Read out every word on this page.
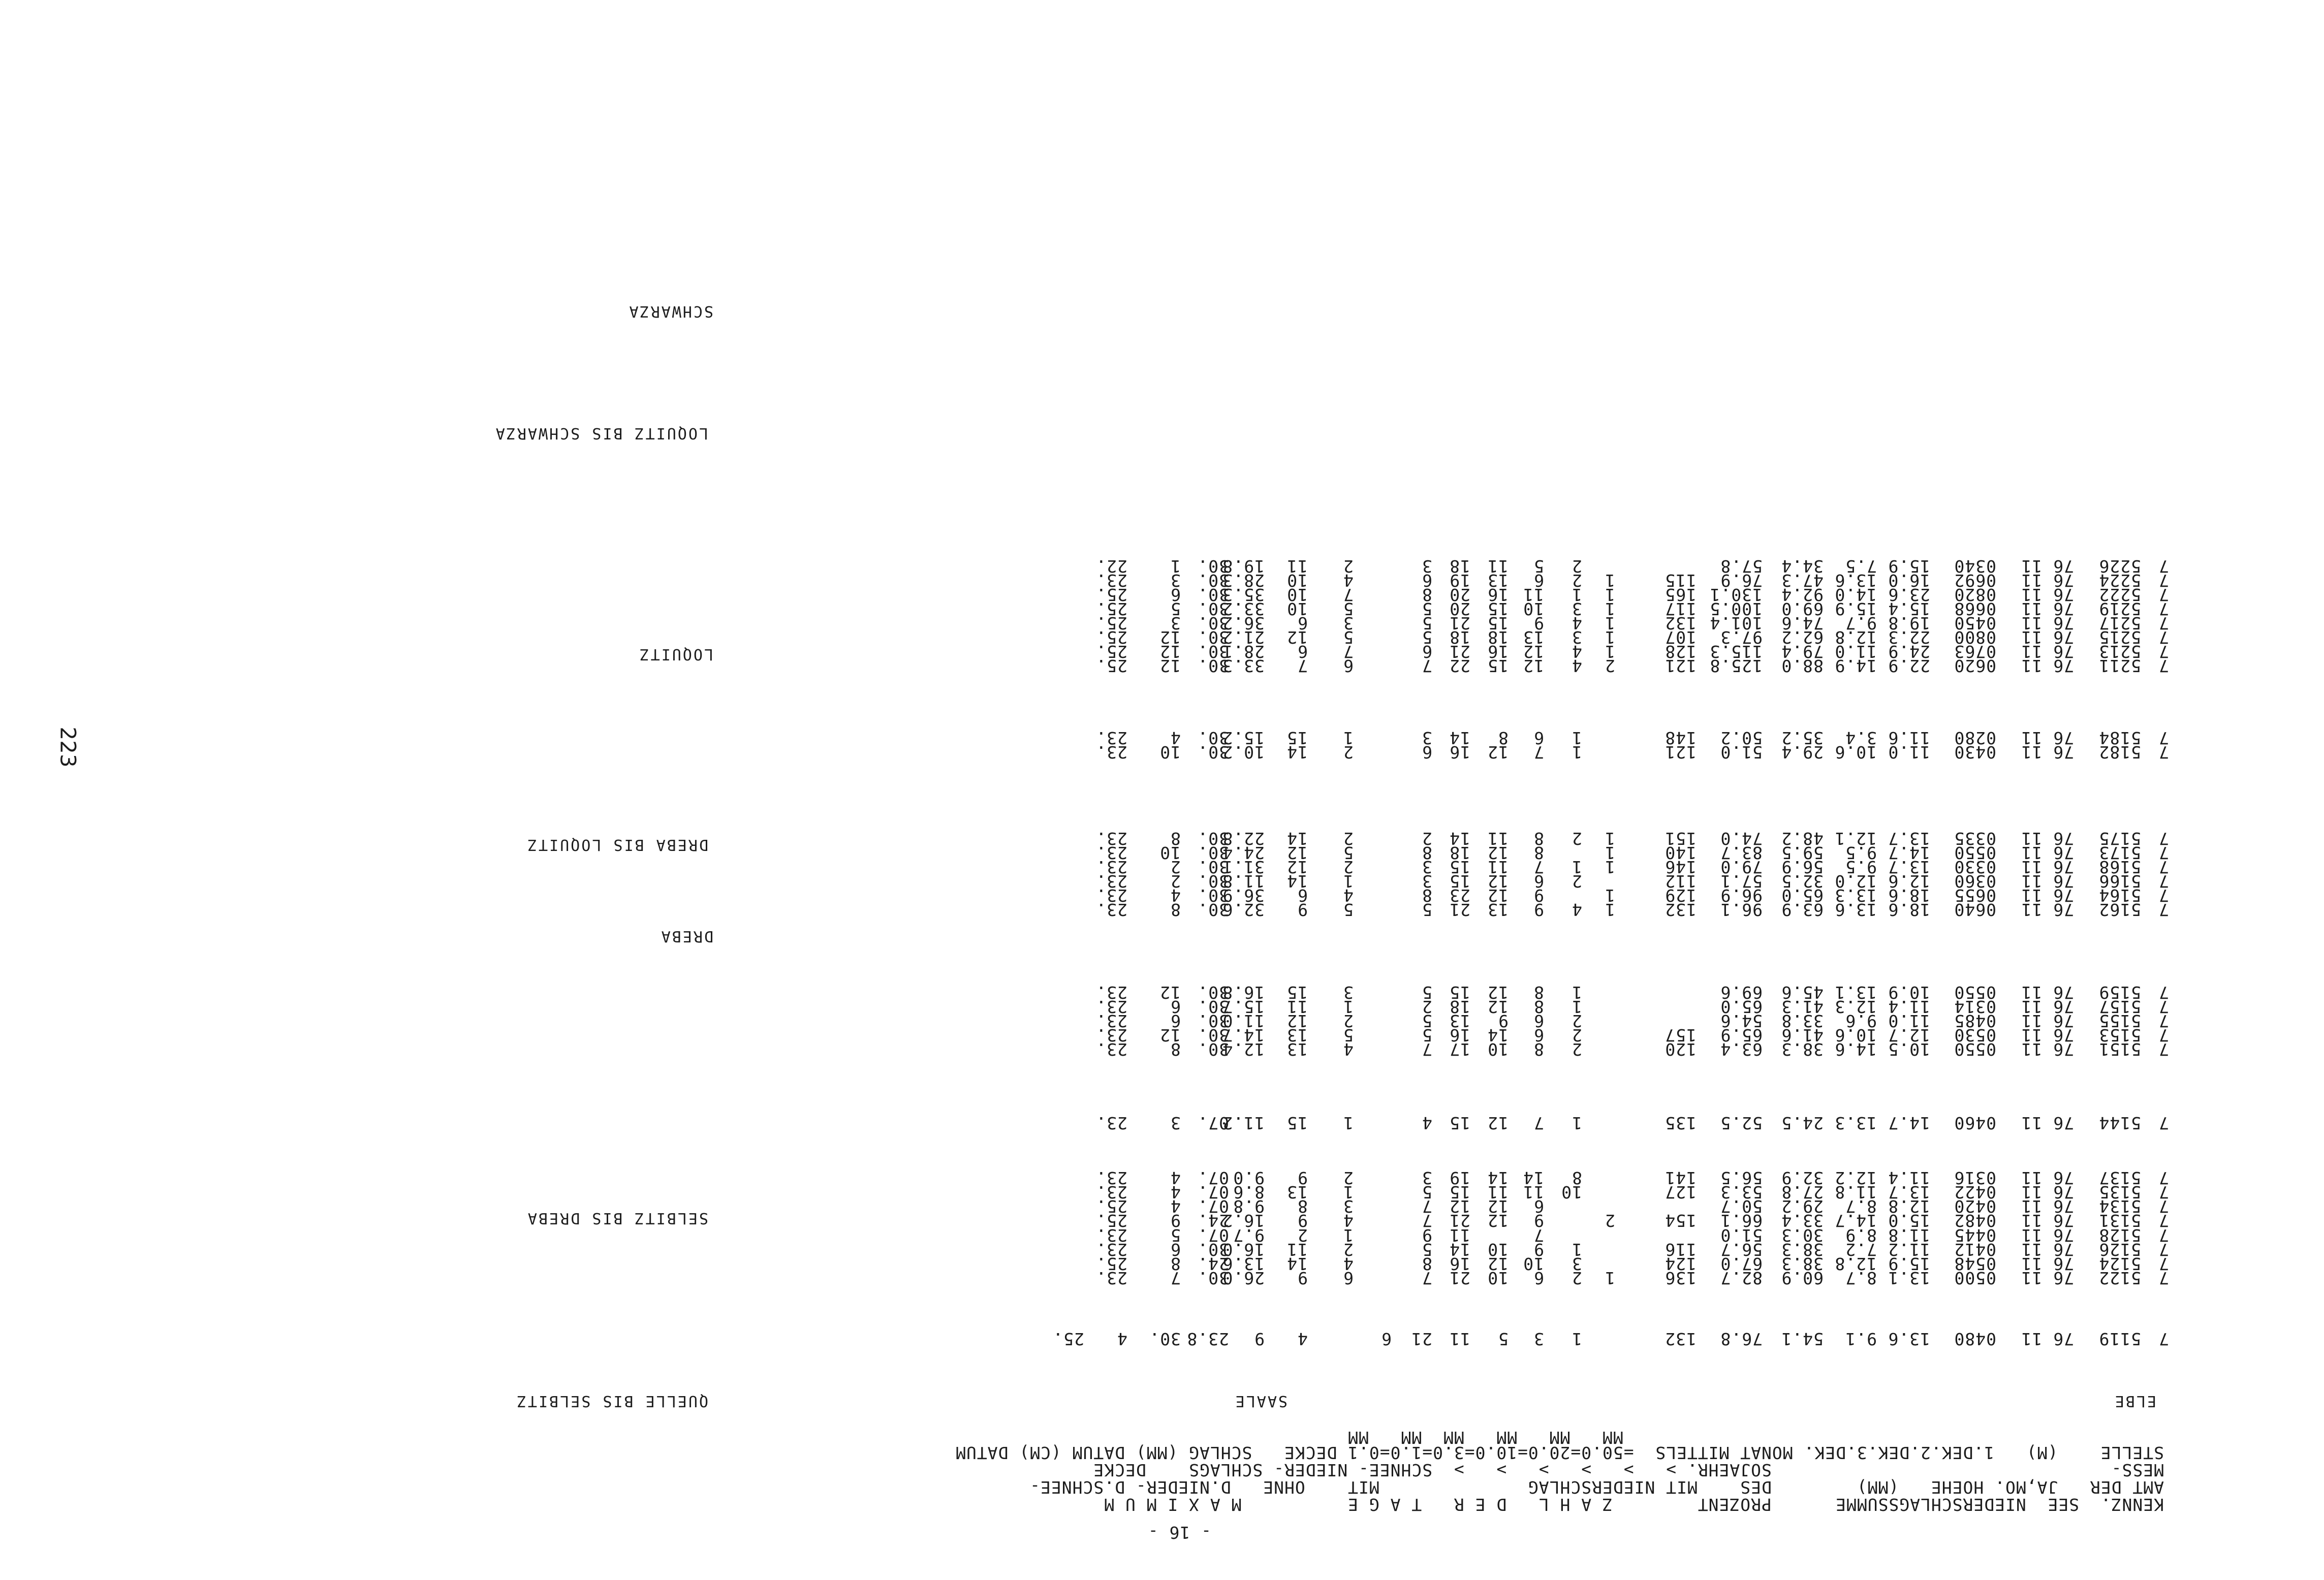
- 16 -
KENNZ.  SEE  NIEDERSCHLAGSSUMME      PROZENT        Z A H L   D E R   T A G E          M A X I M U M
AMT DER   JA,MO. HOEHE   (MM)        DES    MIT NIEDERSCHLAG              MIT    OHNE   D.NIEDER- D.SCHNEE-
MESS-                                SOJAEHR. >   >   >   >   >   >  SCHNEE- NIEDER- SCHLAGS    DECKE
STELLE    (M)   1.DEK.2.DEK.3.DEK. MONAT MITTELS  =50.0=20.0=10.0=3.0=1.0=0.1 DECKE   SCHLAG (MM) DATUM (CM) DATUM
MM   MM   MM   MM  MM   MM
ELBE
SAALE
QUELLE BIS SELBITZ
SELBITZ BIS DREBA
DREBA
DREBA BIS LOQUITZ
LOQUITZ
LOQUITZ BIS SCHWARZA
SCHWARZA
7
5119
76 11
0480
13.6
9.1
54.1
76.8
132
1
3
5
11
21
6
4
9
23.8
30.
4
25.
7
5122
76 11
0500
13.1
8.7
60.9
82.7
136
1
2
6
10
21
7
6
9
26.0
30.
7
23.
7
5124
76 11
0548
15.9
12.8
38.3
67.0
124
3
10
12
16
8
4
14
13.6
24.
8
25.
7
5126
76 11
0412
11.2
7.2
38.3
56.7
116
1
9
10
14
5
2
11
16.0
30.
6
23.
7
5128
76 11
0445
11.8
8.9
30.3
51.0
7
11
9
1
2
9.7
07.
5
23.
7
5131
76 11
0482
15.0
14.7
33.4
66.1
154
2
9
12
21
7
4
9
16.2
24.
9
25.
7
5134
76 11
0420
12.8
8.7
29.2
50.7
6
12
12
7
3
8
9.8
07.
4
25.
7
5135
76 11
0422
13.7
11.8
27.8
53.3
127
10
11
11
15
5
1
13
8.6
07.
4
23.
7
5137
76 11
0316
11.4
12.2
32.9
56.5
141
8
14
14
19
3
2
9
9.0
07.
4
23.
7
5144
76 11
0460
14.7
13.3
24.5
52.5
135
1
7
12
15
4
1
15
11.2
07.
3
23.
7
5151
76 11
0550
10.5
14.6
38.3
63.4
120
2
8
10
17
7
4
13
12.4
30.
8
23.
7
5153
76 11
0530
12.7
10.6
41.6
65.9
157
2
6
14
16
5
5
13
14.7
30.
12
23.
7
5155
76 11
0485
11.0
9.6
33.8
54.6
2
6
9
13
5
2
12
11.0
30.
6
23.
7
5157
76 11
0314
11.4
12.3
41.3
65.0
1
8
12
18
2
1
11
15.7
30.
6
23.
7
5159
76 11
0550
10.9
13.1
45.6
69.6
1
8
12
15
5
3
15
16.8
30.
12
23.
7
5162
76 11
0640
18.6
13.6
63.9
96.1
132
1
4
9
13
21
5
5
9
32.6
30.
8
23.
7
5164
76 11
0655
18.6
13.3
65.0
96.9
129
1
9
12
23
8
4
6
36.9
30.
4
23.
7
5166
76 11
0360
12.6
12.0
32.5
57.1
112
2
6
12
15
3
1
14
11.8
30.
2
23.
7
5168
76 11
0330
13.7
9.5
56.9
79.0
146
1
1
7
11
15
3
2
12
31.1
30.
2
23.
7
5173
76 11
0550
14.7
9.5
59.5
83.7
140
1
8
12
18
8
5
12
24.4
30.
10
23.
7
5175
76 11
0335
13.7
12.1
48.2
74.0
151
1
2
8
11
14
2
2
14
22.8
30.
8
23.
7
5182
76 11
0430
11.0
10.6
29.4
51.0
121
1
7
12
16
6
2
14
10.2
30.
10
23.
7
5184
76 11
0280
11.6
3.4
35.2
50.2
148
1
6
8
14
3
1
15
15.2
30.
4
23.
7
5211
76 11
0620
22.9
14.9
88.0
125.8
121
2
4
12
15
22
7
6
7
33.3
30.
12
25.
7
5213
76 11
0763
24.9
11.0
79.4
115.3
128
1
4
12
16
21
6
7
6
28.1
30.
12
25.
7
5215
76 11
0800
22.3
12.8
62.2
97.3
107
1
3
13
18
18
5
5
12
21.2
30.
12
25.
7
5217
76 11
0450
19.8
9.7
74.6
101.4
132
1
4
9
15
21
5
3
6
36.2
30.
3
25.
7
5219
76 11
0668
15.4
15.9
69.0
100.5
117
1
3
10
15
20
5
5
10
33.2
30.
5
25.
7
5222
76 11
0820
23.6
14.0
92.4
130.1
165
1
1
11
16
20
8
7
10
35.3
30.
6
25.
7
5224
76 11
0692
16.0
13.6
47.3
76.9
115
1
2
6
13
19
6
4
10
28.3
30.
3
23.
7
5226
76 11
0340
15.9
7.5
34.4
57.8
2
5
11
18
3
2
11
19.8
30.
1
22.
223
